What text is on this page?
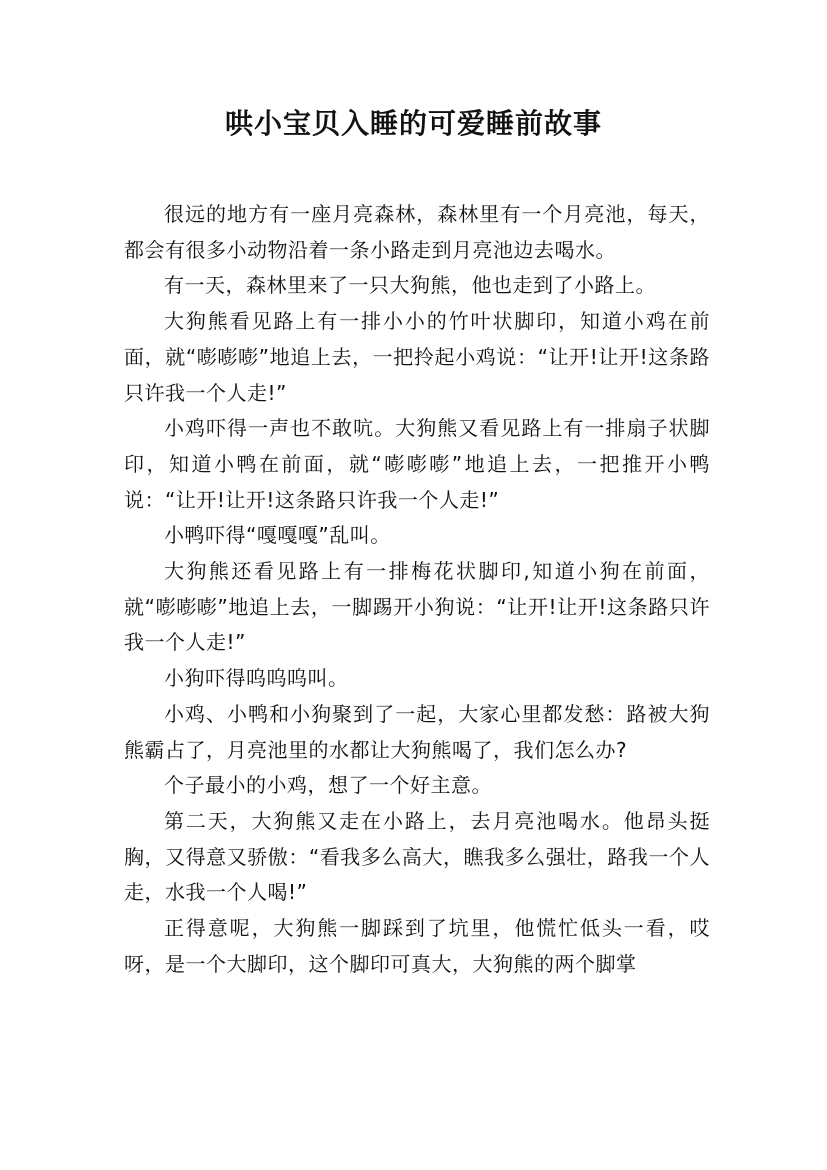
哄小宝贝入睡的可爱睡前故事

很远的地方有一座月亮森林，森林里有一个月亮池，每天，都会有很多小动物沿着一条小路走到月亮池边去喝水。

有一天，森林里来了一只大狗熊，他也走到了小路上。

大狗熊看见路上有一排小小的竹叶状脚印，知道小鸡在前面，就“嘭嘭嘭”地追上去，一把拎起小鸡说：“让开!让开!这条路只许我一个人走!”

小鸡吓得一声也不敢吭。大狗熊又看见路上有一排扇子状脚印，知道小鸭在前面，就“嘭嘭嘭”地追上去，一把推开小鸭说：“让开!让开!这条路只许我一个人走!”

小鸭吓得“嘎嘎嘎”乱叫。

大狗熊还看见路上有一排梅花状脚印,知道小狗在前面，就“嘭嘭嘭”地追上去，一脚踢开小狗说：“让开!让开!这条路只许我一个人走!”

小狗吓得呜呜呜叫。

小鸡、小鸭和小狗聚到了一起，大家心里都发愁：路被大狗熊霸占了，月亮池里的水都让大狗熊喝了，我们怎么办?

个子最小的小鸡，想了一个好主意。

第二天，大狗熊又走在小路上，去月亮池喝水。他昂头挺胸，又得意又骄傲：“看我多么高大，瞧我多么强壮，路我一个人走，水我一个人喝!”

正得意呢，大狗熊一脚踩到了坑里，他慌忙低头一看，哎呀，是一个大脚印，这个脚印可真大，大狗熊的两个脚掌
